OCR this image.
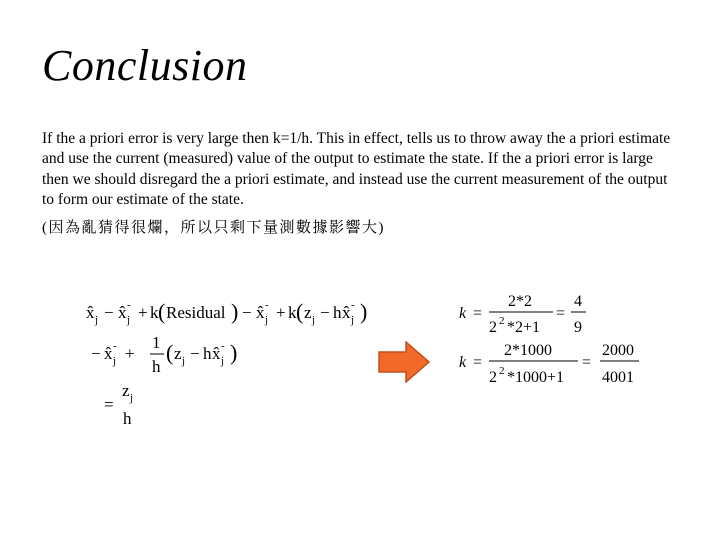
Conclusion
If the a priori error is very large then k=1/h. This in effect, tells us to throw away the a priori estimate and use the current (measured) value of the output to estimate the state. If the a priori error is large then we should disregard the a priori estimate, and instead use the current measurement of the output to form our estimate of the state.
(因為亂猜得很爛，所以只剩下量測數據影響大)
x̂ j − x̂ -
j + k ( Residual ) − x̂ -
j + k ( z j − h x̂ -
j )
− x̂ -
j +
1
h
( z j − h x̂ -
j )
=
z j
h
k =
2*2
2 2 *2+1
=
4
9
k =
2*1000
2 2 *1000+1
=
2000
4001
